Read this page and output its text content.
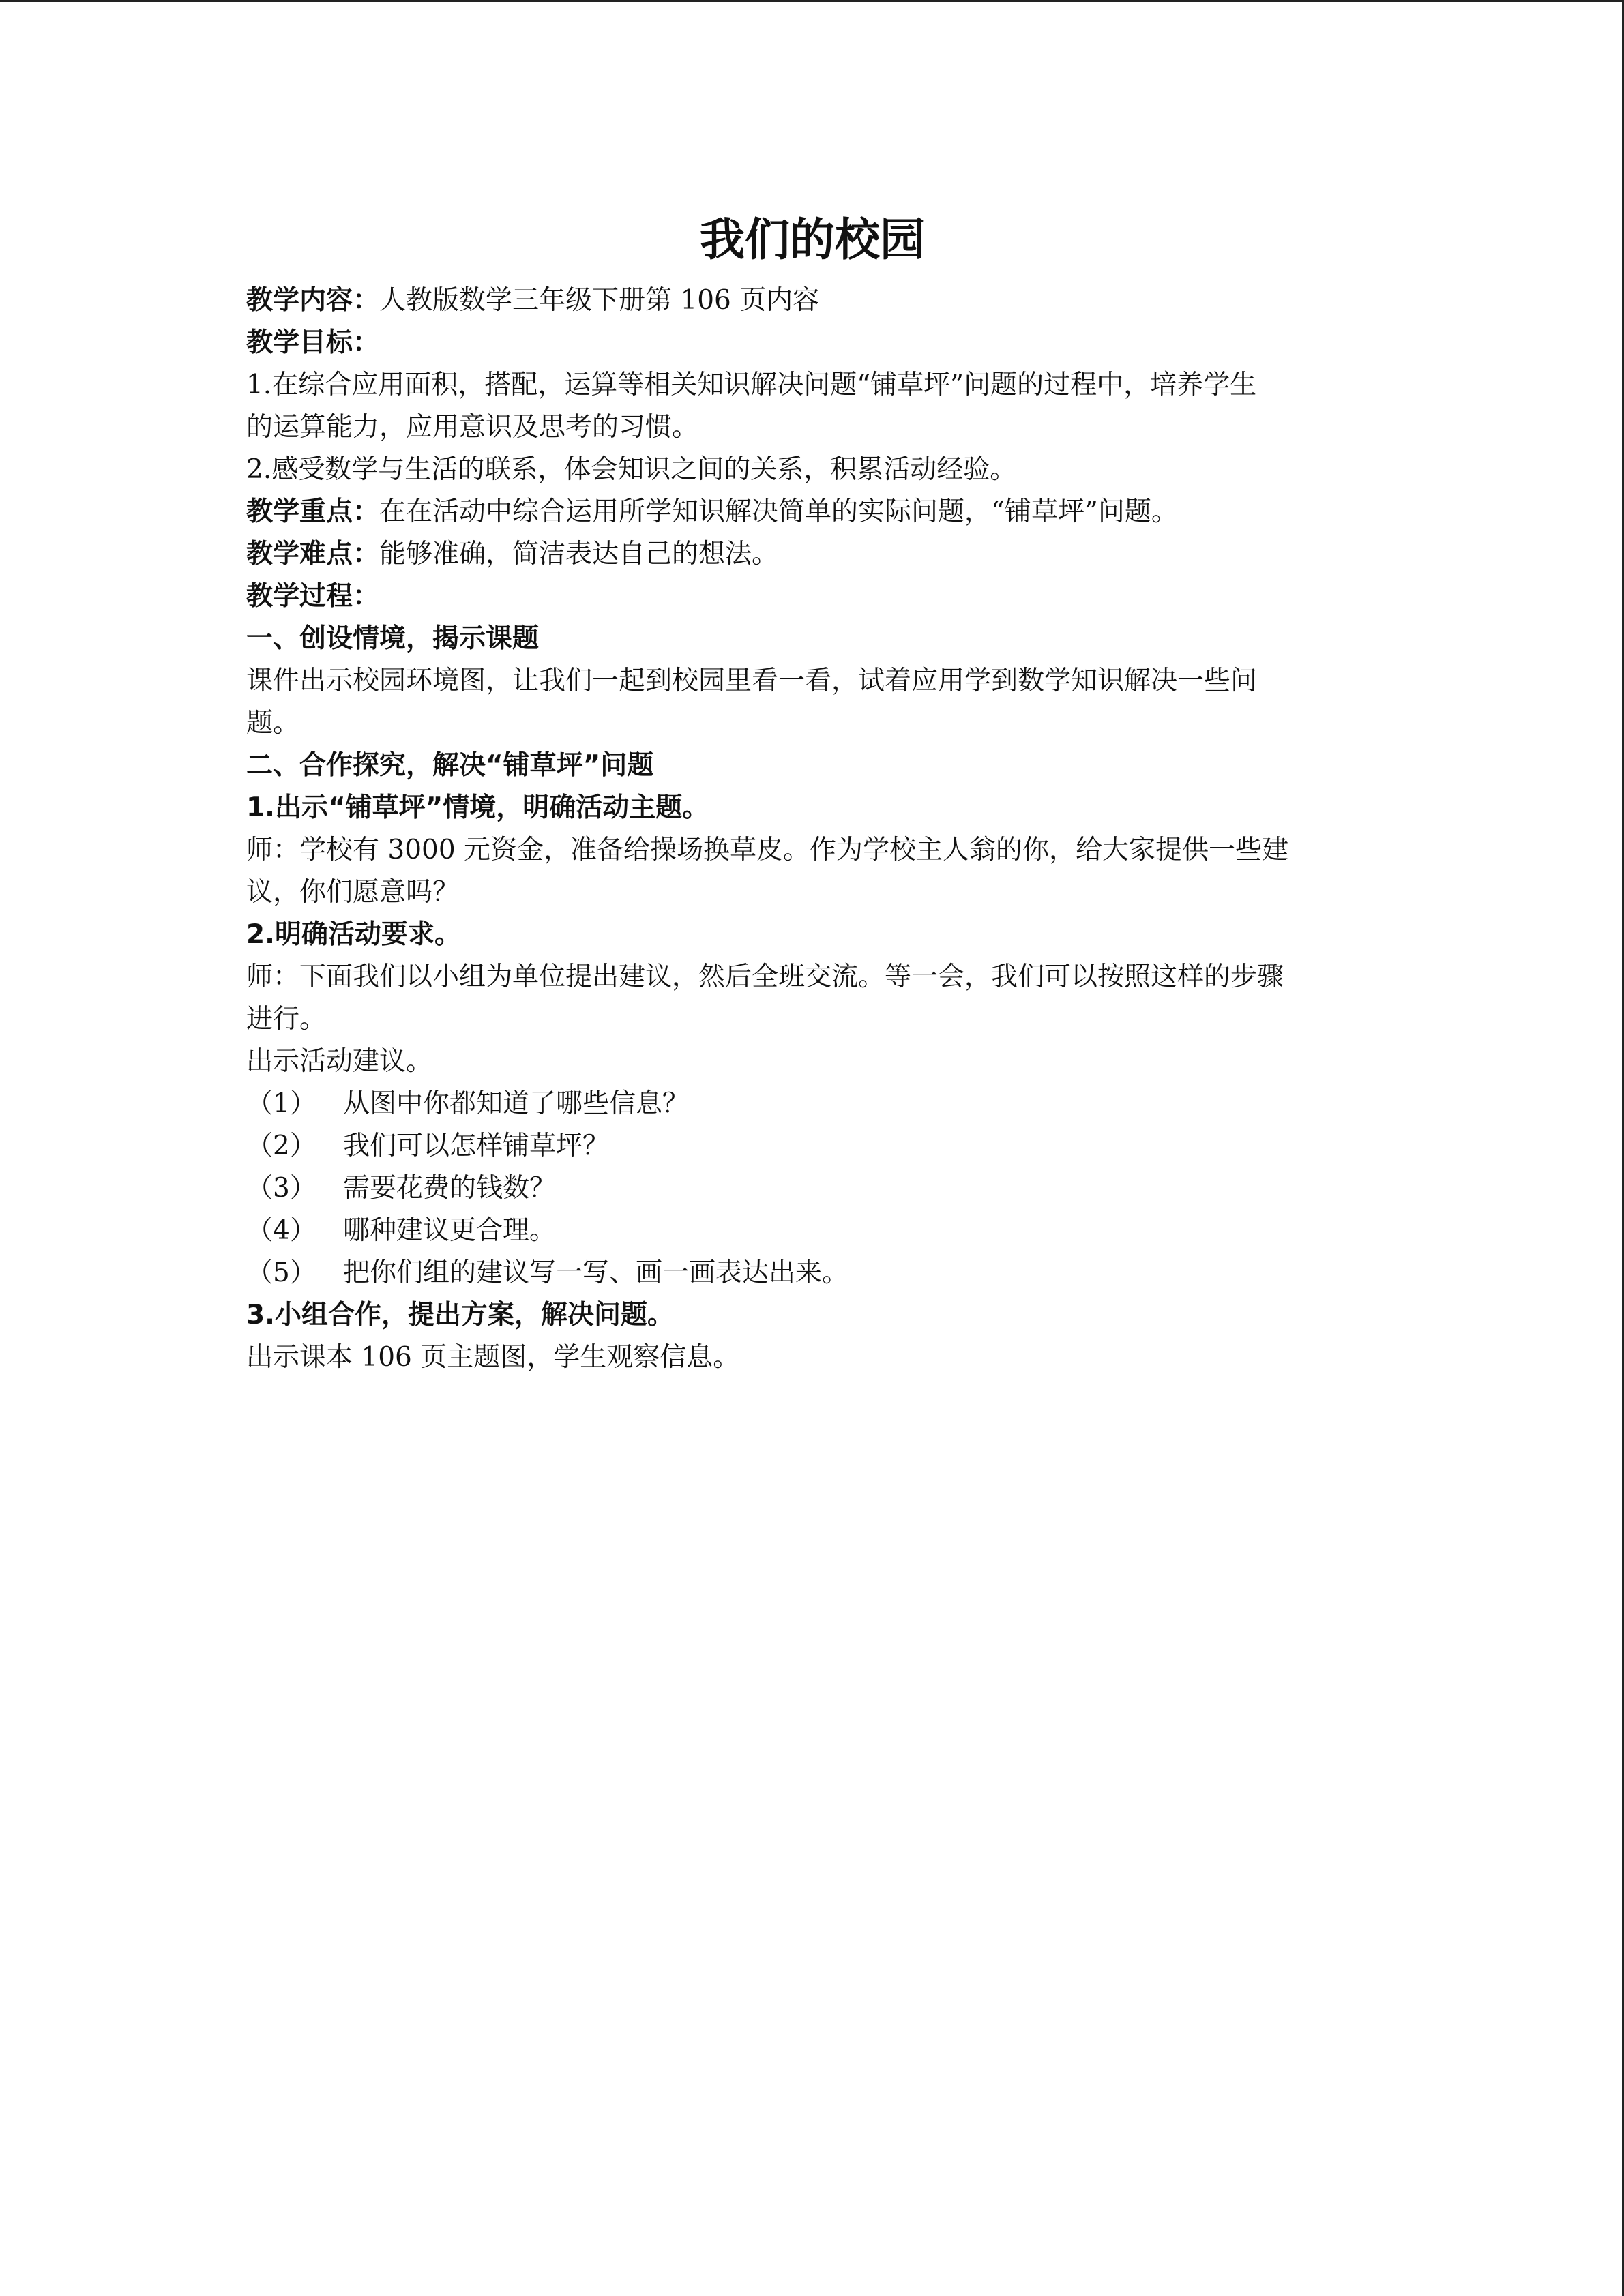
我们的校园
教学内容：人教版数学三年级下册第 106 页内容
教学目标：
1.在综合应用面积，搭配，运算等相关知识解决问题“铺草坪”问题的过程中，培养学生
的运算能力，应用意识及思考的习惯。
2.感受数学与生活的联系，体会知识之间的关系，积累活动经验。
教学重点：在在活动中综合运用所学知识解决简单的实际问题，“铺草坪”问题。
教学难点：能够准确，简洁表达自己的想法。
教学过程：
一、创设情境，揭示课题
课件出示校园环境图，让我们一起到校园里看一看，试着应用学到数学知识解决一些问
题。
二、合作探究，解决“铺草坪”问题
1.出示“铺草坪”情境，明确活动主题。
师：学校有 3000 元资金，准备给操场换草皮。作为学校主人翁的你，给大家提供一些建
议，你们愿意吗？
2.明确活动要求。
师：下面我们以小组为单位提出建议，然后全班交流。等一会，我们可以按照这样的步骤
进行。
出示活动建议。
（1）	从图中你都知道了哪些信息？
（2）	我们可以怎样铺草坪？
（3）	需要花费的钱数？
（4）	哪种建议更合理。
（5）	把你们组的建议写一写、画一画表达出来。
3.小组合作，提出方案，解决问题。
出示课本 106 页主题图，学生观察信息。
